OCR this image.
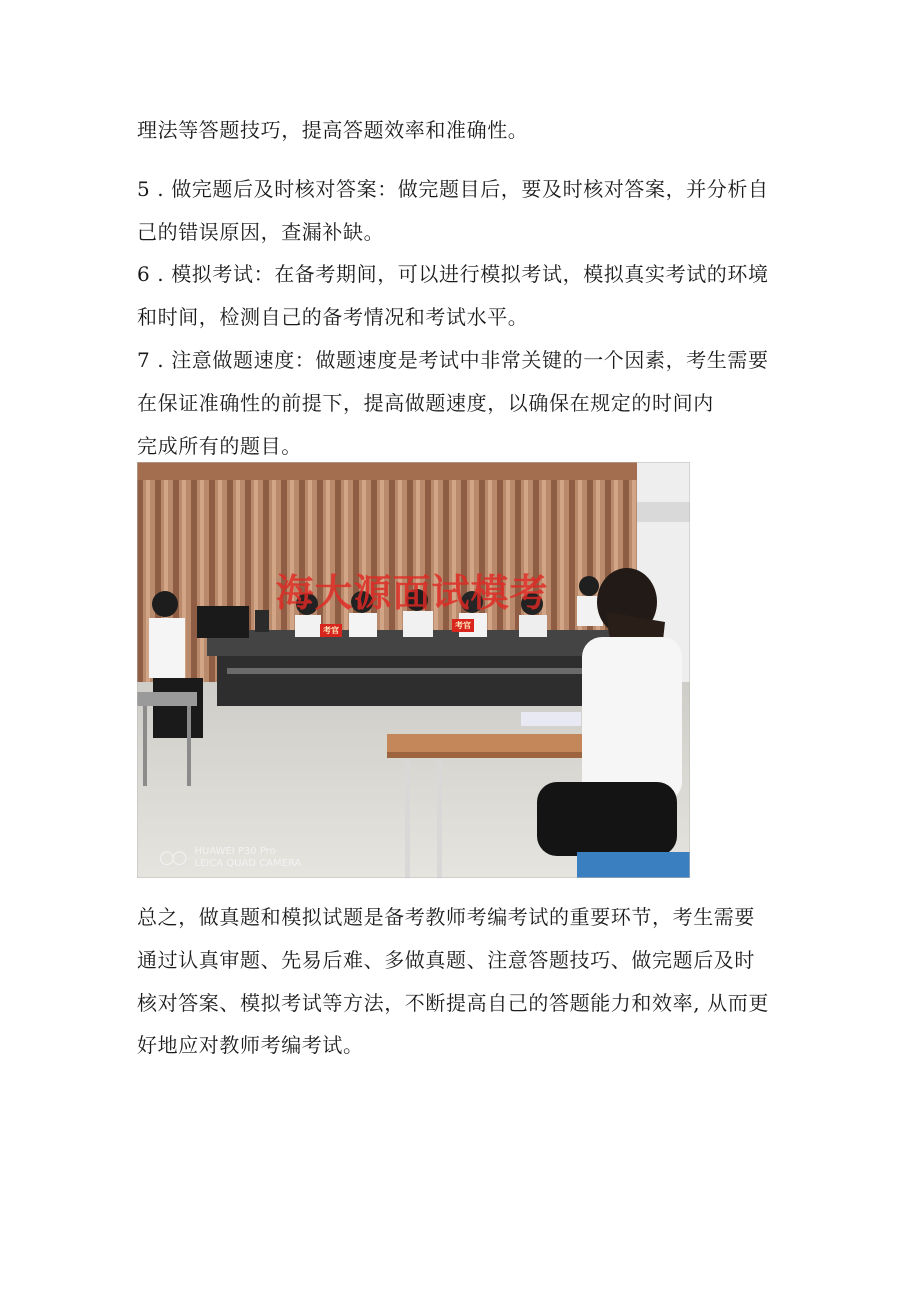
理法等答题技巧，提高答题效率和准确性。
5 . 做完题后及时核对答案：做完题目后，要及时核对答案，并分析自
己的错误原因，查漏补缺。
6 . 模拟考试：在备考期间，可以进行模拟考试，模拟真实考试的环境
和时间，检测自己的备考情况和考试水平。
7 . 注意做题速度：做题速度是考试中非常关键的一个因素，考生需要
在保证准确性的前提下，提高做题速度，以确保在规定的时间内
完成所有的题目。
海大源面试模考
考官
考官
○○ HUAWEI P30 Pro
LEICA QUAD CAMERA
总之，做真题和模拟试题是备考教师考编考试的重要环节，考生需要
通过认真审题、先易后难、多做真题、注意答题技巧、做完题后及时
核对答案、模拟考试等方法，不断提高自己的答题能力和效率, 从而更
好地应对教师考编考试。
